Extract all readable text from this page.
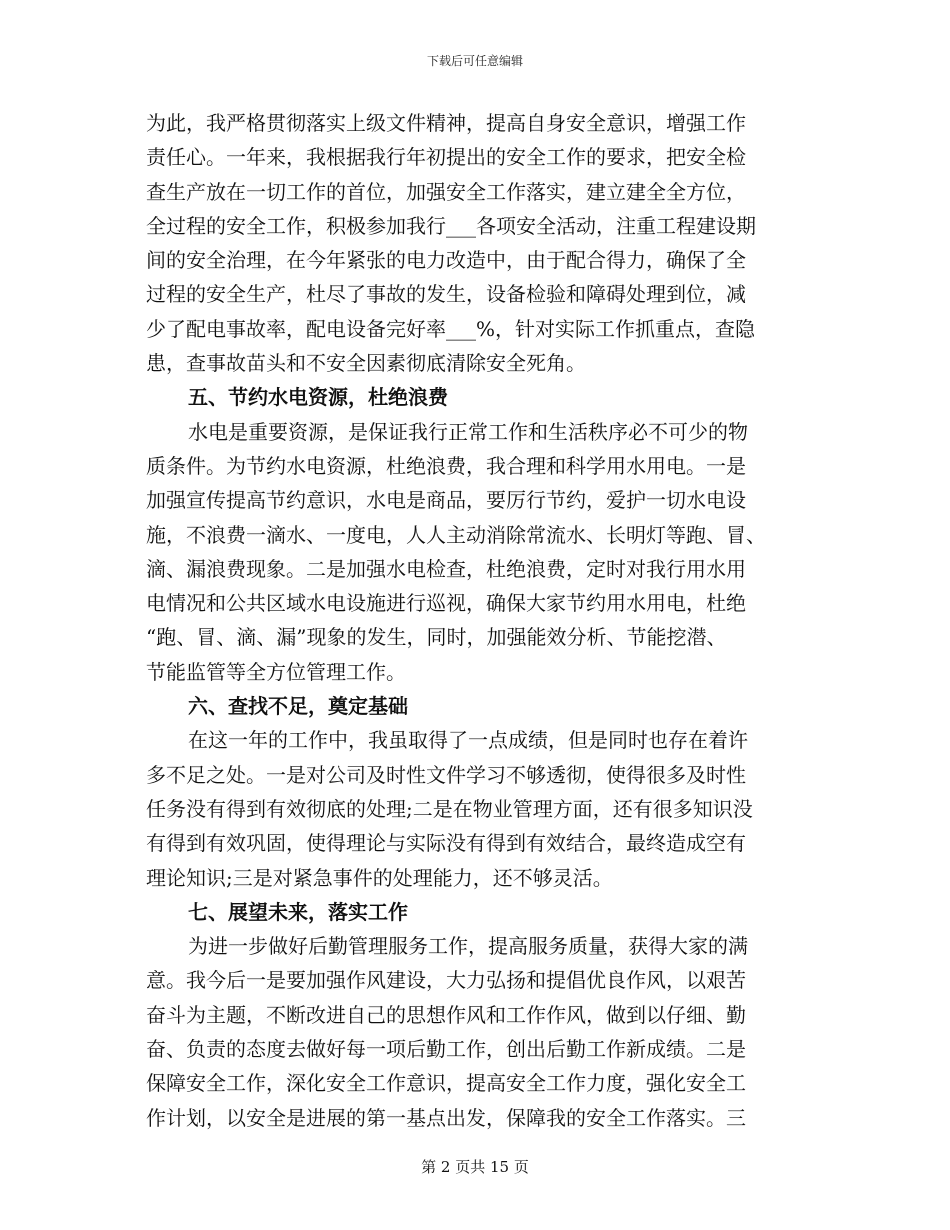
下载后可任意编辑
为此，我严格贯彻落实上级文件精神，提高自身安全意识，增强工作
责任心。一年来，我根据我行年初提出的安全工作的要求，把安全检
查生产放在一切工作的首位，加强安全工作落实，建立建全全方位，
全过程的安全工作，积极参加我行___各项安全活动，注重工程建设期
间的安全治理，在今年紧张的电力改造中，由于配合得力，确保了全
过程的安全生产，杜尽了事故的发生，设备检验和障碍处理到位，减
少了配电事故率，配电设备完好率___%，针对实际工作抓重点，查隐
患，查事故苗头和不安全因素彻底清除安全死角。
五、节约水电资源，杜绝浪费
水电是重要资源，是保证我行正常工作和生活秩序必不可少的物
质条件。为节约水电资源，杜绝浪费，我合理和科学用水用电。一是
加强宣传提高节约意识，水电是商品，要厉行节约，爱护一切水电设
施，不浪费一滴水、一度电，人人主动消除常流水、长明灯等跑、冒、
滴、漏浪费现象。二是加强水电检查，杜绝浪费，定时对我行用水用
电情况和公共区域水电设施进行巡视，确保大家节约用水用电，杜绝
“跑、冒、滴、漏”现象的发生，同时，加强能效分析、节能挖潜、
节能监管等全方位管理工作。
六、查找不足，奠定基础
在这一年的工作中，我虽取得了一点成绩，但是同时也存在着许
多不足之处。一是对公司及时性文件学习不够透彻，使得很多及时性
任务没有得到有效彻底的处理;二是在物业管理方面，还有很多知识没
有得到有效巩固，使得理论与实际没有得到有效结合，最终造成空有
理论知识;三是对紧急事件的处理能力，还不够灵活。
七、展望未来，落实工作
为进一步做好后勤管理服务工作，提高服务质量，获得大家的满
意。我今后一是要加强作风建设，大力弘扬和提倡优良作风，以艰苦
奋斗为主题，不断改进自己的思想作风和工作作风，做到以仔细、勤
奋、负责的态度去做好每一项后勤工作，创出后勤工作新成绩。二是
保障安全工作，深化安全工作意识，提高安全工作力度，强化安全工
作计划，以安全是进展的第一基点出发，保障我的安全工作落实。三
第 2 页共 15 页
